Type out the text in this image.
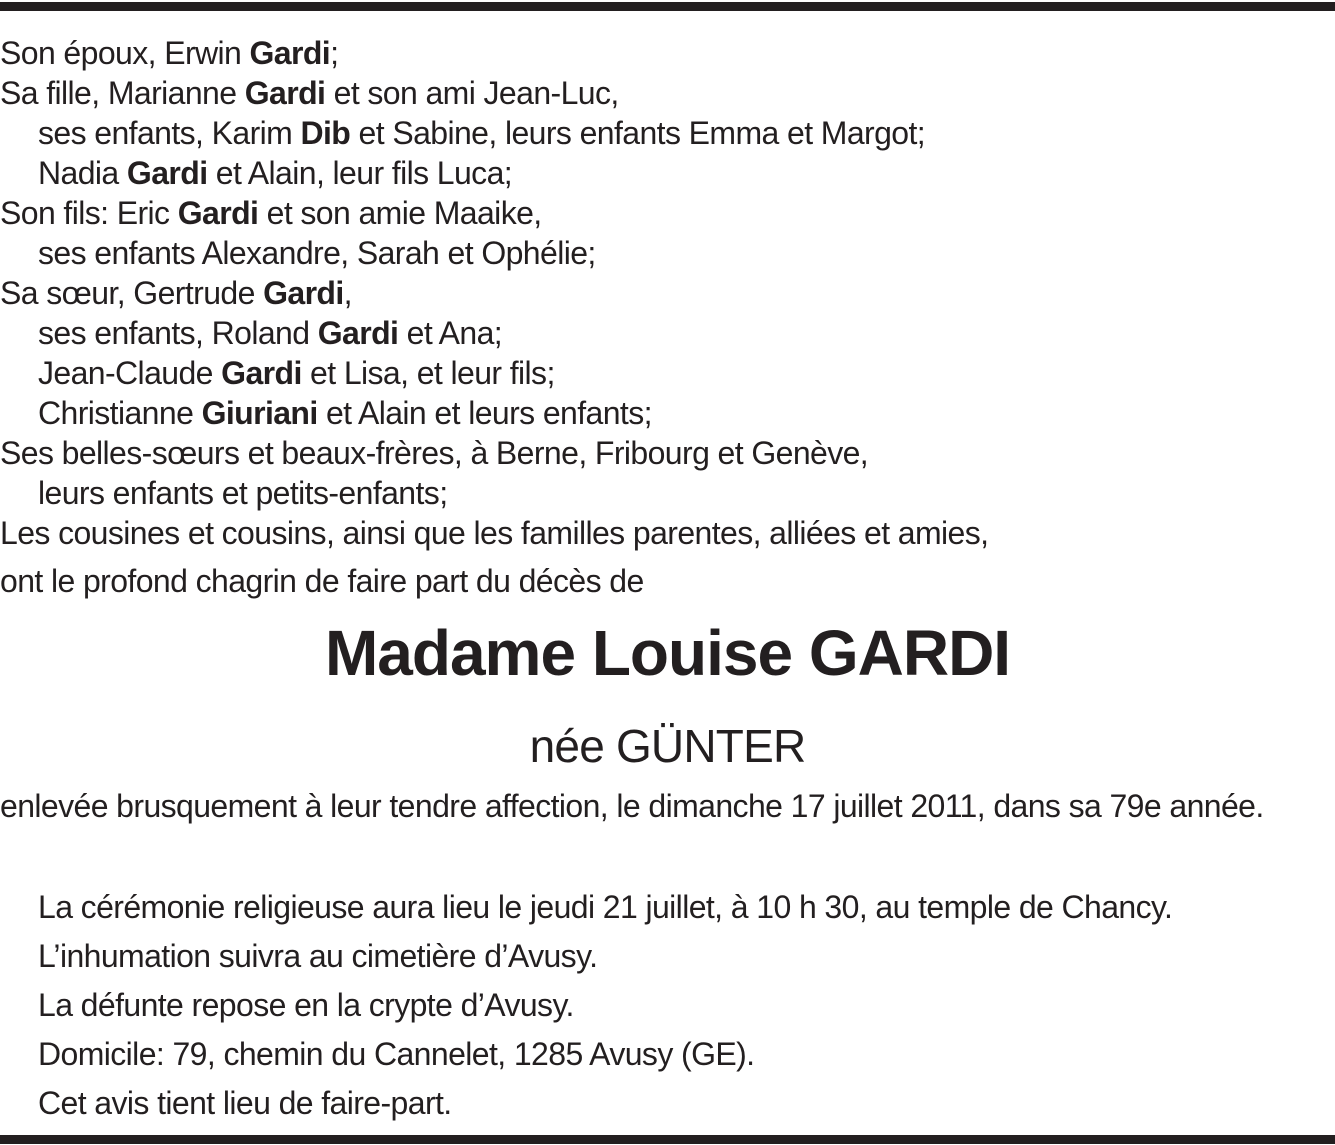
Son époux, Erwin Gardi;
Sa fille, Marianne Gardi et son ami Jean-Luc,
ses enfants, Karim Dib et Sabine, leurs enfants Emma et Margot;
Nadia Gardi et Alain, leur fils Luca;
Son fils: Eric Gardi et son amie Maaike,
ses enfants Alexandre, Sarah et Ophélie;
Sa sœur, Gertrude Gardi,
ses enfants, Roland Gardi et Ana;
Jean-Claude Gardi et Lisa, et leur fils;
Christianne Giuriani et Alain et leurs enfants;
Ses belles-sœurs et beaux-frères, à Berne, Fribourg et Genève,
leurs enfants et petits-enfants;
Les cousines et cousins, ainsi que les familles parentes, alliées et amies,
ont le profond chagrin de faire part du décès de
Madame Louise GARDI
née GÜNTER
enlevée brusquement à leur tendre affection, le dimanche 17 juillet 2011, dans sa 79e année.
La cérémonie religieuse aura lieu le jeudi 21 juillet, à 10 h 30, au temple de Chancy.
L’inhumation suivra au cimetière d’Avusy.
La défunte repose en la crypte d’Avusy.
Domicile: 79, chemin du Cannelet, 1285 Avusy (GE).
Cet avis tient lieu de faire-part.
